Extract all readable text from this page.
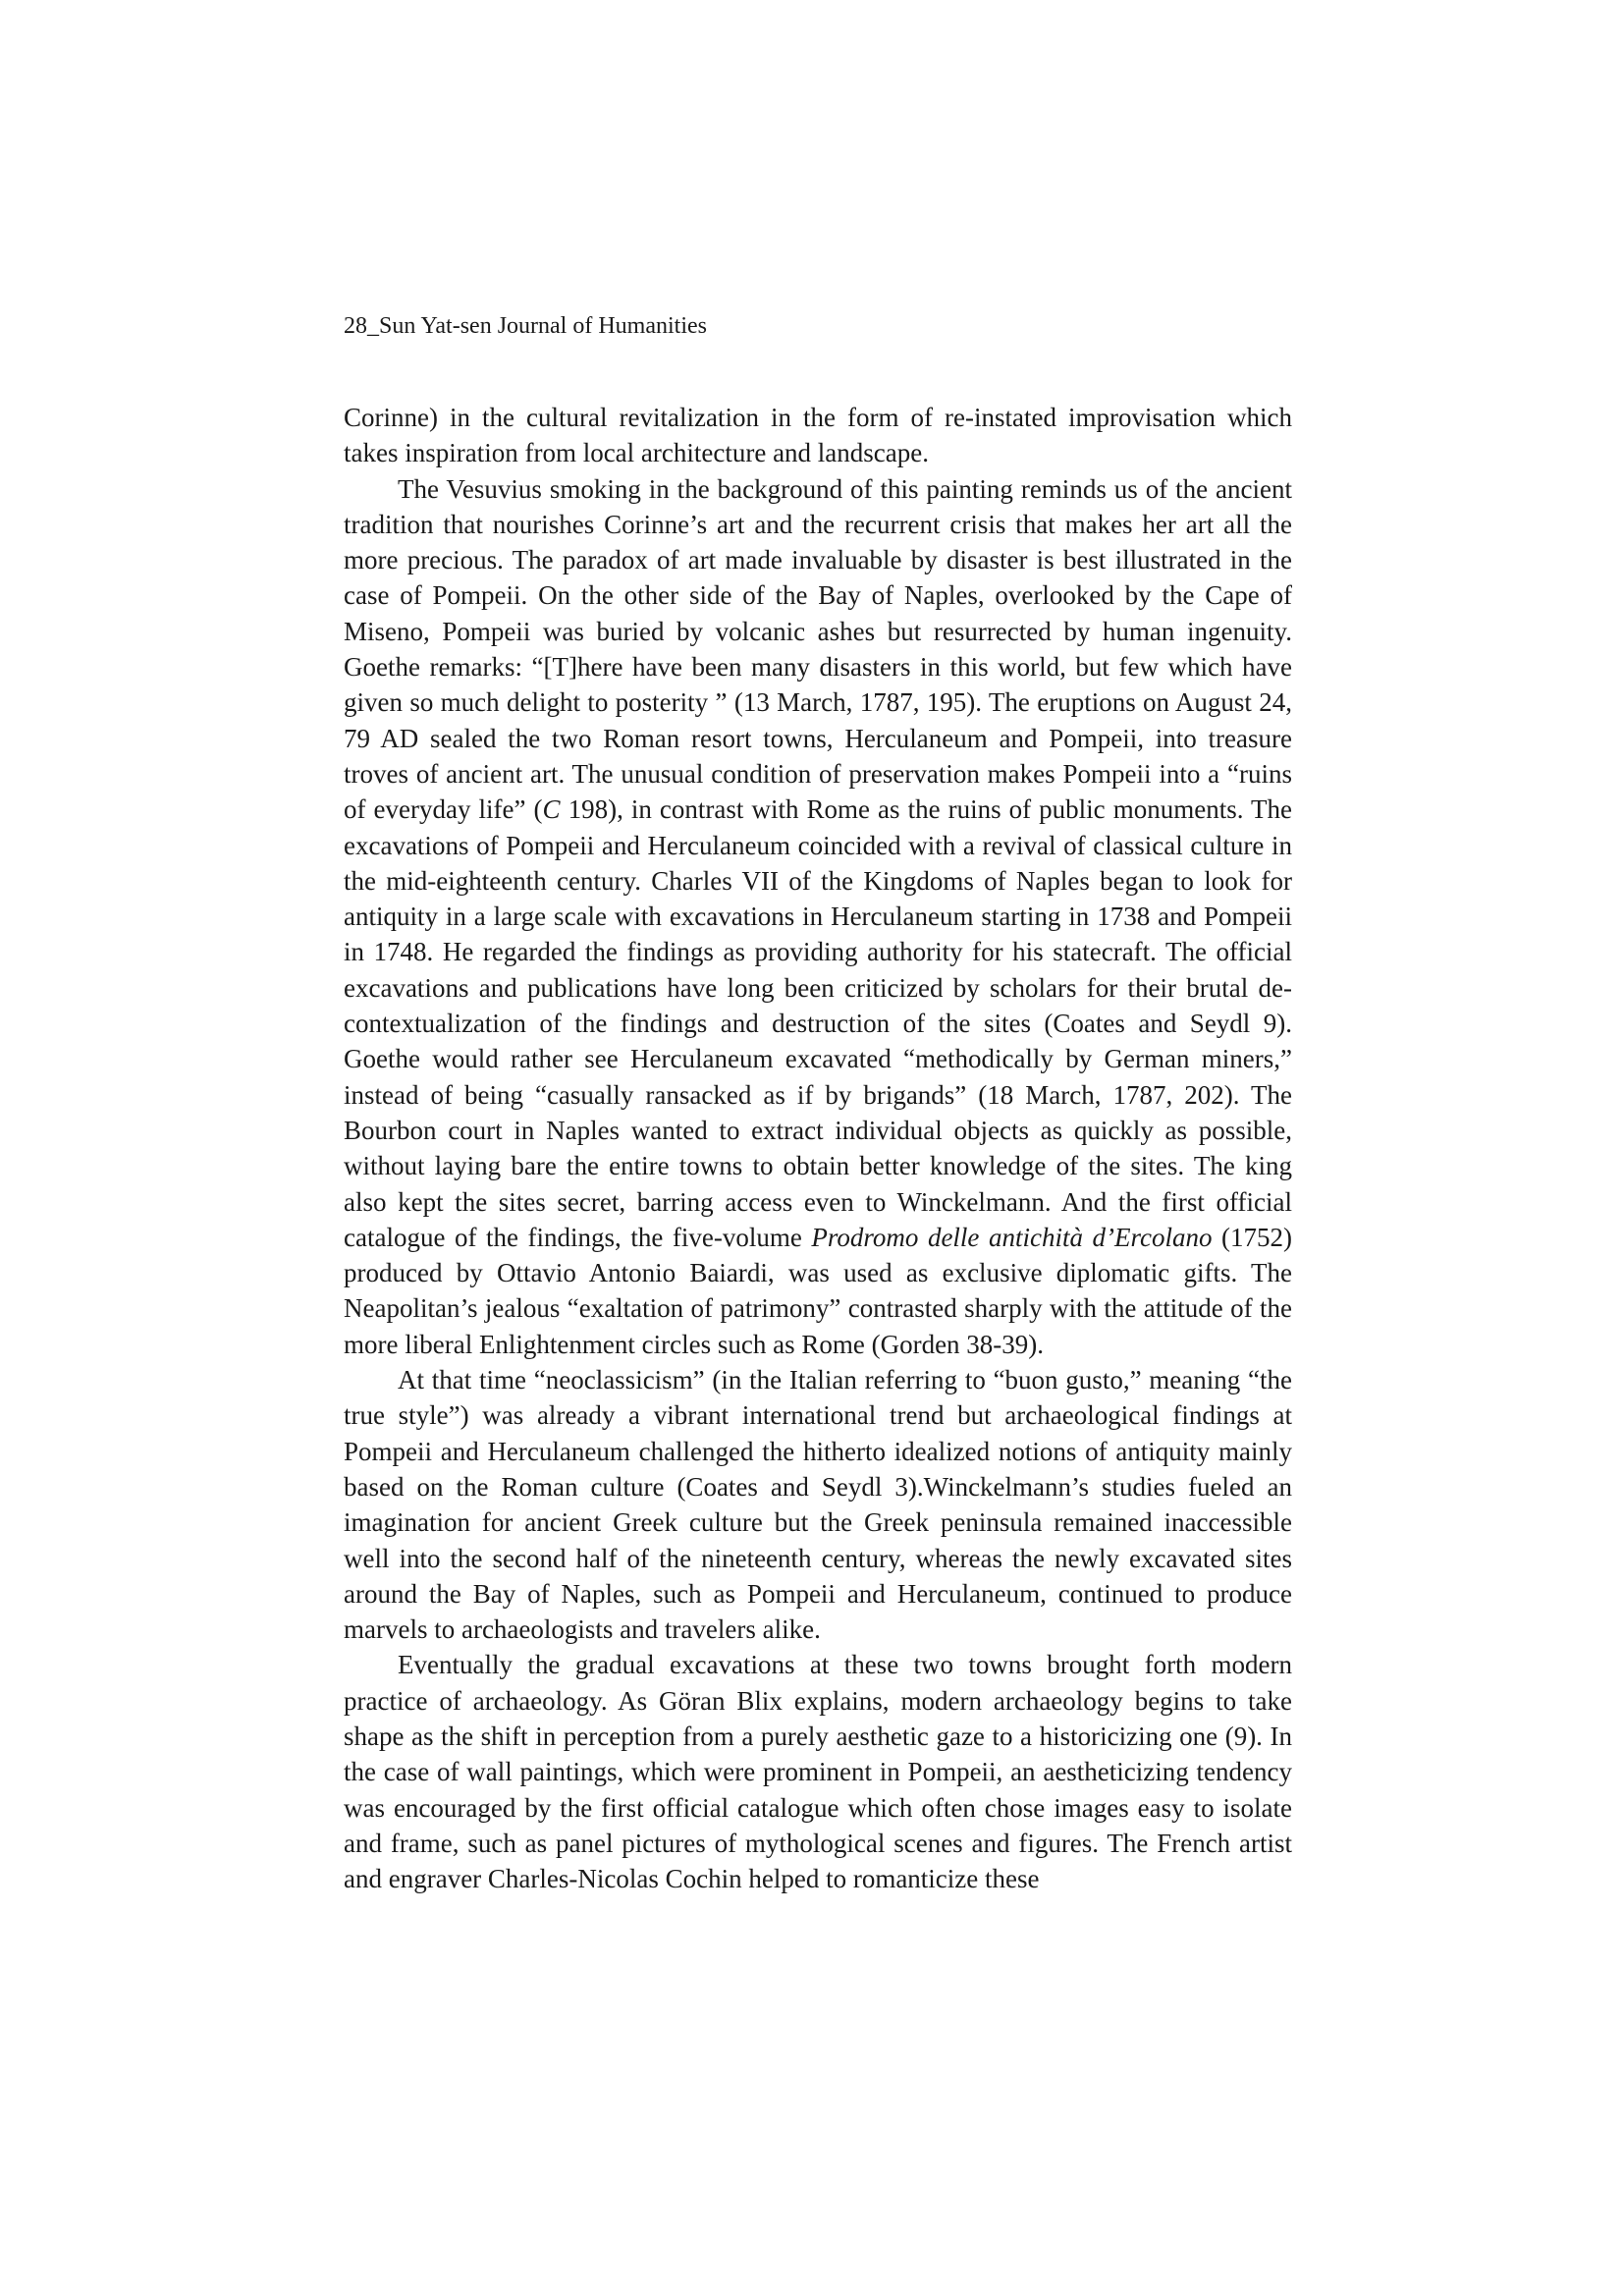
28_Sun Yat-sen Journal of Humanities

Corinne) in the cultural revitalization in the form of re-instated improvisation which takes inspiration from local architecture and landscape.

The Vesuvius smoking in the background of this painting reminds us of the ancient tradition that nourishes Corinne’s art and the recurrent crisis that makes her art all the more precious. The paradox of art made invaluable by disaster is best illustrated in the case of Pompeii. On the other side of the Bay of Naples, overlooked by the Cape of Miseno, Pompeii was buried by volcanic ashes but resurrected by human ingenuity. Goethe remarks: “[T]here have been many disasters in this world, but few which have given so much delight to posterity ” (13 March, 1787, 195). The eruptions on August 24, 79 AD sealed the two Roman resort towns, Herculaneum and Pompeii, into treasure troves of ancient art. The unusual condition of preservation makes Pompeii into a “ruins of everyday life” (C 198), in contrast with Rome as the ruins of public monuments. The excavations of Pompeii and Herculaneum coincided with a revival of classical culture in the mid-eighteenth century. Charles VII of the Kingdoms of Naples began to look for antiquity in a large scale with excavations in Herculaneum starting in 1738 and Pompeii in 1748. He regarded the findings as providing authority for his statecraft. The official excavations and publications have long been criticized by scholars for their brutal de-contextualization of the findings and destruction of the sites (Coates and Seydl 9). Goethe would rather see Herculaneum excavated “methodically by German miners,” instead of being “casually ransacked as if by brigands” (18 March, 1787, 202). The Bourbon court in Naples wanted to extract individual objects as quickly as possible, without laying bare the entire towns to obtain better knowledge of the sites. The king also kept the sites secret, barring access even to Winckelmann. And the first official catalogue of the findings, the five-volume Prodromo delle antichità d’Ercolano (1752) produced by Ottavio Antonio Baiardi, was used as exclusive diplomatic gifts. The Neapolitan’s jealous “exaltation of patrimony” contrasted sharply with the attitude of the more liberal Enlightenment circles such as Rome (Gorden 38-39).

At that time “neoclassicism” (in the Italian referring to “buon gusto,” meaning “the true style”) was already a vibrant international trend but archaeological findings at Pompeii and Herculaneum challenged the hitherto idealized notions of antiquity mainly based on the Roman culture (Coates and Seydl 3).Winckelmann’s studies fueled an imagination for ancient Greek culture but the Greek peninsula remained inaccessible well into the second half of the nineteenth century, whereas the newly excavated sites around the Bay of Naples, such as Pompeii and Herculaneum, continued to produce marvels to archaeologists and travelers alike.

Eventually the gradual excavations at these two towns brought forth modern practice of archaeology. As Göran Blix explains, modern archaeology begins to take shape as the shift in perception from a purely aesthetic gaze to a historicizing one (9). In the case of wall paintings, which were prominent in Pompeii, an aestheticizing tendency was encouraged by the first official catalogue which often chose images easy to isolate and frame, such as panel pictures of mythological scenes and figures. The French artist and engraver Charles-Nicolas Cochin helped to romanticize these
